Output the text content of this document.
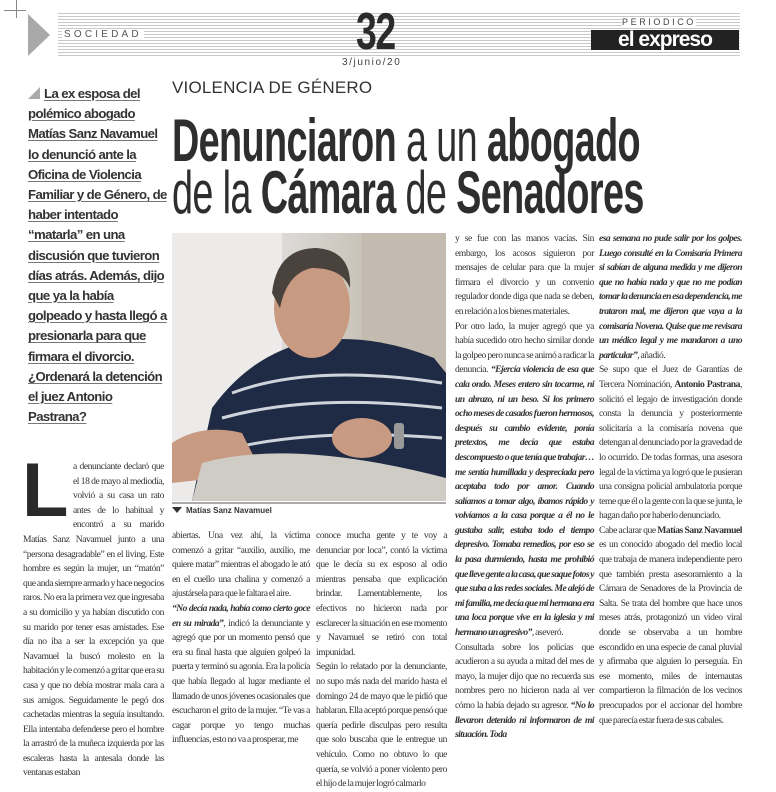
SOCIEDAD	32
3/junio/20
PERIODICO
el expreso
VIOLENCIA DE GÉNERO
Denunciaron a un abogado
de la Cámara de Senadores
La ex esposa del polémico abogado Matías Sanz Navamuel lo denunció ante la Oficina de Violencia Familiar y de Género, de haber intentado “matarla” en una discusión que tuvieron días atrás. Además, dijo que ya la había golpeado y hasta llegó a presionarla para que firmara el divorcio. ¿Ordenará la detención el juez Antonio Pastrana?
Matías Sanz Navamuel
La denunciante declaró que el 18 de mayo al mediodía, volvió a su casa un rato antes de lo habitual y encontró a su marido Matías Sanz Navamuel junto a una “persona desagradable” en el living. Este hombre es según la mujer, un “matón” que anda siempre armado y hace negocios raros. No era la primera vez que ingresaba a su domicilio y ya habían discutido con su marido por tener esas amistades. Ese día no iba a ser la excepción ya que Navamuel la buscó molesto en la habitación y le comenzó a gritar que era su casa y que no debía mostrar mala cara a sus amigos. Seguidamente le pegó dos cachetadas mientras la seguía insultando. Ella intentaba defenderse pero el hombre la arrastró de la muñeca izquierda por las escaleras hasta la antesala donde las ventanas estaban

abiertas. Una vez ahí, la víctima comenzó a gritar “auxilio, auxilio, me quiere matar” mientras el abogado le ató en el cuello una chalina y comenzó a ajustársela para que le faltara el aire.

“No decía nada, había como cierto goce en su mirada”, indicó la denunciante y agregó que por un momento pensó que era su final hasta que alguien golpeó la puerta y terminó su agonía. Era la policía que había llegado al lugar mediante el llamado de unos jóvenes ocasionales que escucharon el grito de la mujer. “Te vas a cagar porque yo tengo muchas influencias, esto no va a prosperar, me

conoce mucha gente y te voy a denunciar por loca”, contó la víctima que le decía su ex esposo al odio mientras pensaba que explicación brindar. Lamentablemente, los efectivos no hicieron nada por esclarecer la situación en ese momento y Navamuel se retiró con total impunidad.

Según lo relatado por la denunciante, no supo más nada del marido hasta el domingo 24 de mayo que le pidió que hablaran. Ella aceptó porque pensó que quería pedirle disculpas pero resulta que solo buscaba que le entregue un vehículo. Como no obtuvo lo que quería, se volvió a poner violento pero el hijo de la mujer logró calmarlo

y se fue con las manos vacías. Sin embargo, los acosos siguieron por mensajes de celular para que la mujer firmara el divorcio y un convenio regulador donde diga que nada se deben, en relación a los bienes materiales.

Por otro lado, la mujer agregó que ya había sucedido otro hecho similar donde la golpeo pero nunca se animó a radicar la denuncia. “Ejercía violencia de esa que cala ondo. Meses entero sin tocarme, ni un abrazo, ni un beso. Si los primero ocho meses de casados fueron hermosos, después su cambio evidente, ponía pretextos, me decía que estaba descompuesto o que tenía que trabajar…me sentía humillada y despreciada pero aceptaba todo por amor. Cuando salíamos a tomar algo, íbamos rápido y volvíamos a la casa porque a él no le gustaba salir, estaba todo el tiempo depresivo. Tomaba remedios, por eso se la pasa durmiendo, hasta me prohibió que lleve gente a la casa, que saque fotos y que suba a las redes sociales. Me alejó de mi familia, me decía que mi hermana era una loca porque vive en la iglesia y mi hermano un agresivo”, aseveró.

Consultada sobre los policías que acudieron a su ayuda a mitad del mes de mayo, la mujer dijo que no recuerda sus nombres pero no hicieron nada al ver cómo la había dejado su agresor. “No lo llevaron detenido ni informaron de mi situación. Toda

esa semana no pude salir por los golpes. Luego consulté en la Comisaría Primera si sabían de alguna medida y me dijeron que no había nada y que no me podían tomar la denuncia en esa dependencia, me trataron mal, me dijeron que vaya a la comisaría Novena. Quise que me revisara un médico legal y me mandaron a uno particular”, añadió.

Se supo que el Juez de Garantías de Tercera Nominación, Antonio Pastrana, solicitó el legajo de investigación donde consta la denuncia y posteriormente solicitaría a la comisaría novena que detengan al denunciado por la gravedad de lo ocurrido. De todas formas, una asesora legal de la víctima ya logró que le pusieran una consigna policial ambulatoria porque teme que él o la gente con la que se junta, le hagan daño por haberlo denunciado.

Cabe aclarar que Matías Sanz Navamuel es un conocido abogado del medio local que trabaja de manera independiente pero que también presta asesoramiento a la Cámara de Senadores de la Provincia de Salta. Se trata del hombre que hace unos meses atrás, protagonizó un video viral donde se observaba a un hombre escondido en una especie de canal pluvial y afirmaba que alguien lo perseguía. En ese momento, miles de internautas compartieron la filmación de los vecinos preocupados por el accionar del hombre que parecía estar fuera de sus cabales.
